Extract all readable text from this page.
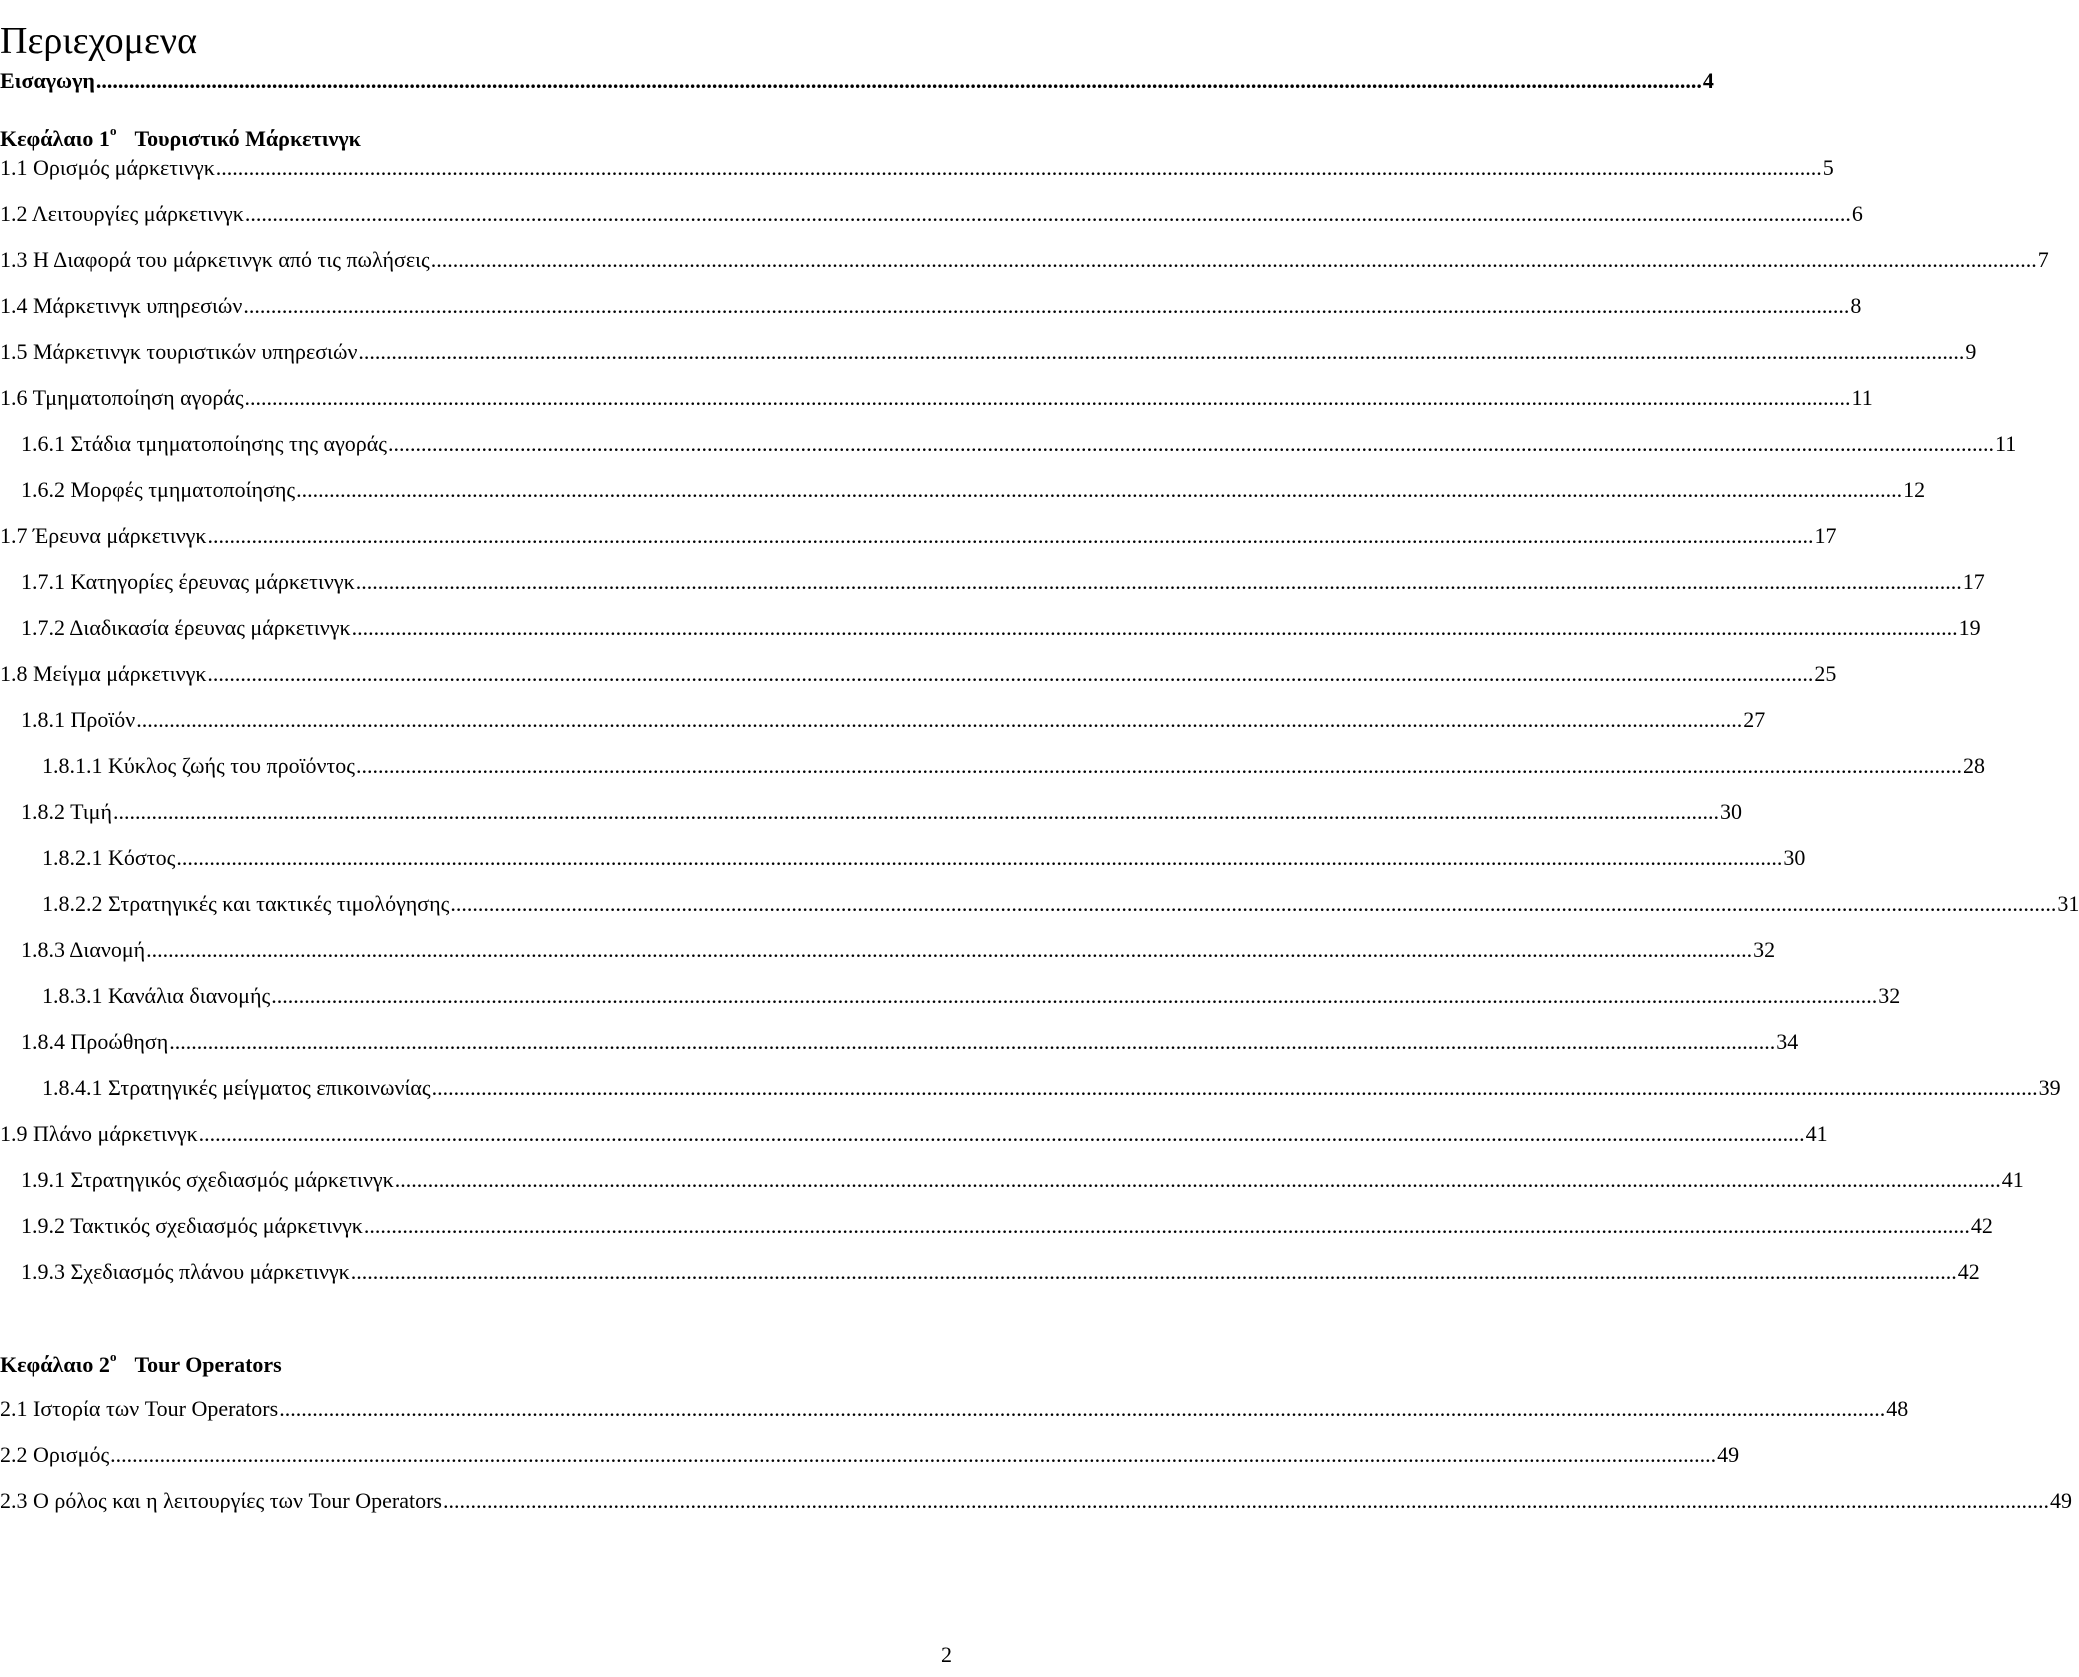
Περιεχομενα
Εισαγωγη .....	4
Κεφάλαιο $1^o$ Τουριστικό Μάρκετινγκ
1.1 Ορισμός μάρκετινγκ .....	5
1.2 Λειτουργίες μάρκετινγκ .....	6
1.3 Η Διαφορά του μάρκετινγκ από τις πωλήσεις .....	7
1.4 Μάρκετινγκ υπηρεσιών .....	8
1.5 Μάρκετινγκ τουριστικών υπηρεσιών .....	9
1.6 Τμηματοποίηση αγοράς .....	11
1.6.1 Στάδια τμηματοποίησης της αγοράς .....	11
1.6.2 Μορφές τμηματοποίησης .....	12
1.7 Έρευνα μάρκετινγκ .....	17
1.7.1 Κατηγορίες έρευνας μάρκετινγκ .....	17
1.7.2 Διαδικασία έρευνας μάρκετινγκ .....	19
1.8 Μείγμα μάρκετινγκ .....	25
1.8.1 Προϊόν .....	27
1.8.1.1 Κύκλος ζωής του προϊόντος .....	28
1.8.2 Τιμή .....	30
1.8.2.1 Κόστος .....	30
1.8.2.2 Στρατηγικές και τακτικές τιμολόγησης .....	31
1.8.3 Διανομή .....	32
1.8.3.1 Κανάλια διανομής .....	32
1.8.4 Προώθηση .....	34
1.8.4.1 Στρατηγικές μείγματος επικοινωνίας .....	39
1.9 Πλάνο μάρκετινγκ .....	41
1.9.1 Στρατηγικός σχεδιασμός μάρκετινγκ .....	41
1.9.2 Τακτικός σχεδιασμός μάρκετινγκ .....	42
1.9.3 Σχεδιασμός πλάνου μάρκετινγκ .....	42
Κεφάλαιο $2^o$ Tour Operators
2.1 Ιστορία των Tour Operators .....	48
2.2 Ορισμός .....	49
2.3 Ο ρόλος και η λειτουργίες των Tour Operators .....	49
2
